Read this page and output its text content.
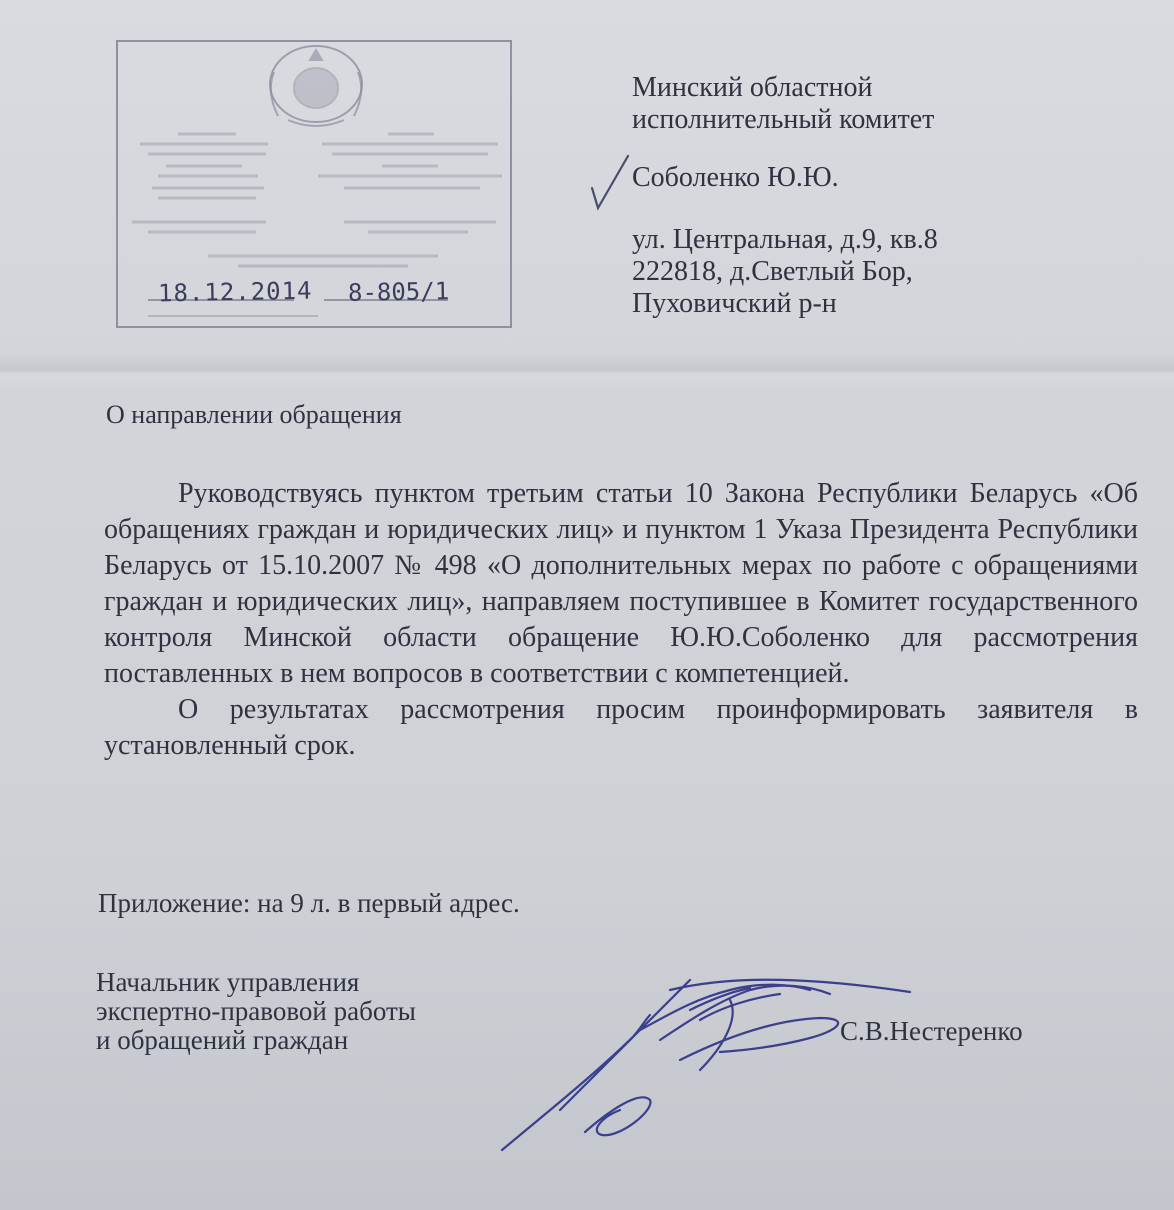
18.12.2014 8-805/1
Минский областной
исполнительный комитет
Соболенко Ю.Ю.
ул. Центральная, д.9, кв.8
222818, д.Светлый Бор,
Пуховичский р-н
О направлении обращения

Руководствуясь пунктом третьим статьи 10 Закона Республики Беларусь «Об обращениях граждан и юридических лиц» и пунктом 1 Указа Президента Республики Беларусь от 15.10.2007 № 498 «О дополнительных мерах по работе с обращениями граждан и юридических лиц», направляем поступившее в Комитет государственного контроля Минской области обращение Ю.Ю.Соболенко для рассмотрения поставленных в нем вопросов в соответствии с компетенцией.

О результатах рассмотрения просим проинформировать заявителя в установленный срок.

Приложение: на 9 л. в первый адрес.
Начальник управления
экспертно-правовой работы
и обращений граждан	С.В.Нестеренко
